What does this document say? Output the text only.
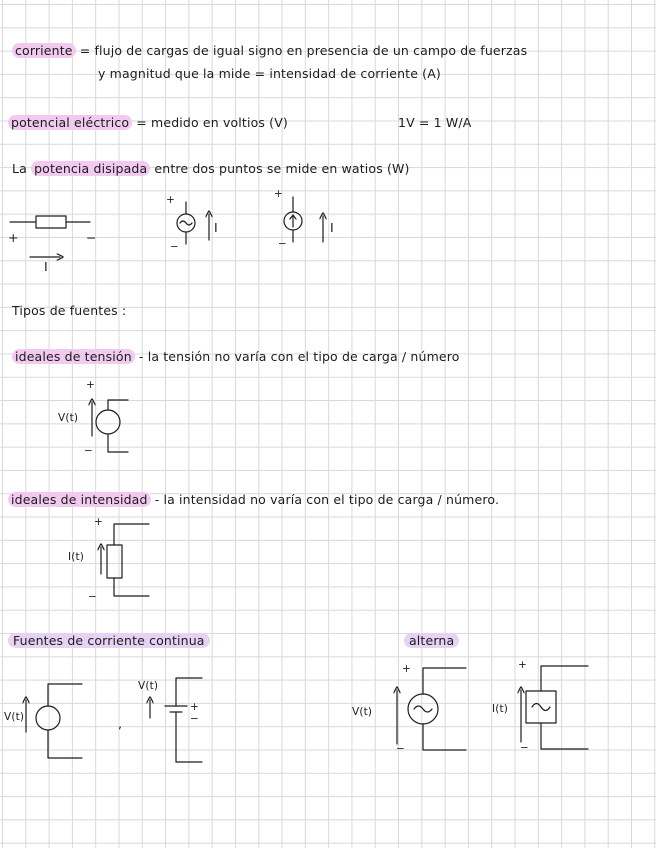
corriente = flujo de cargas de igual signo en presencia de un campo de fuerzas
y magnitud que la mide = intensidad de corriente (A)
potencial eléctrico = medido en voltios (V)	1V = 1 W/A
La potencia disipada entre dos puntos se mide en watios (W)
+	−
I
+
−
I
+
−
I
Tipos de fuentes :
ideales de tensión - la tensión no varía con el tipo de carga / número
+
V(t)
−
ideales de intensidad - la intensidad no varía con el tipo de carga / número.
+
I(t)
−
Fuentes de corriente continua	alterna
V(t)	,
V(t)
+
−
+
V(t)
−
+
I(t)
−
